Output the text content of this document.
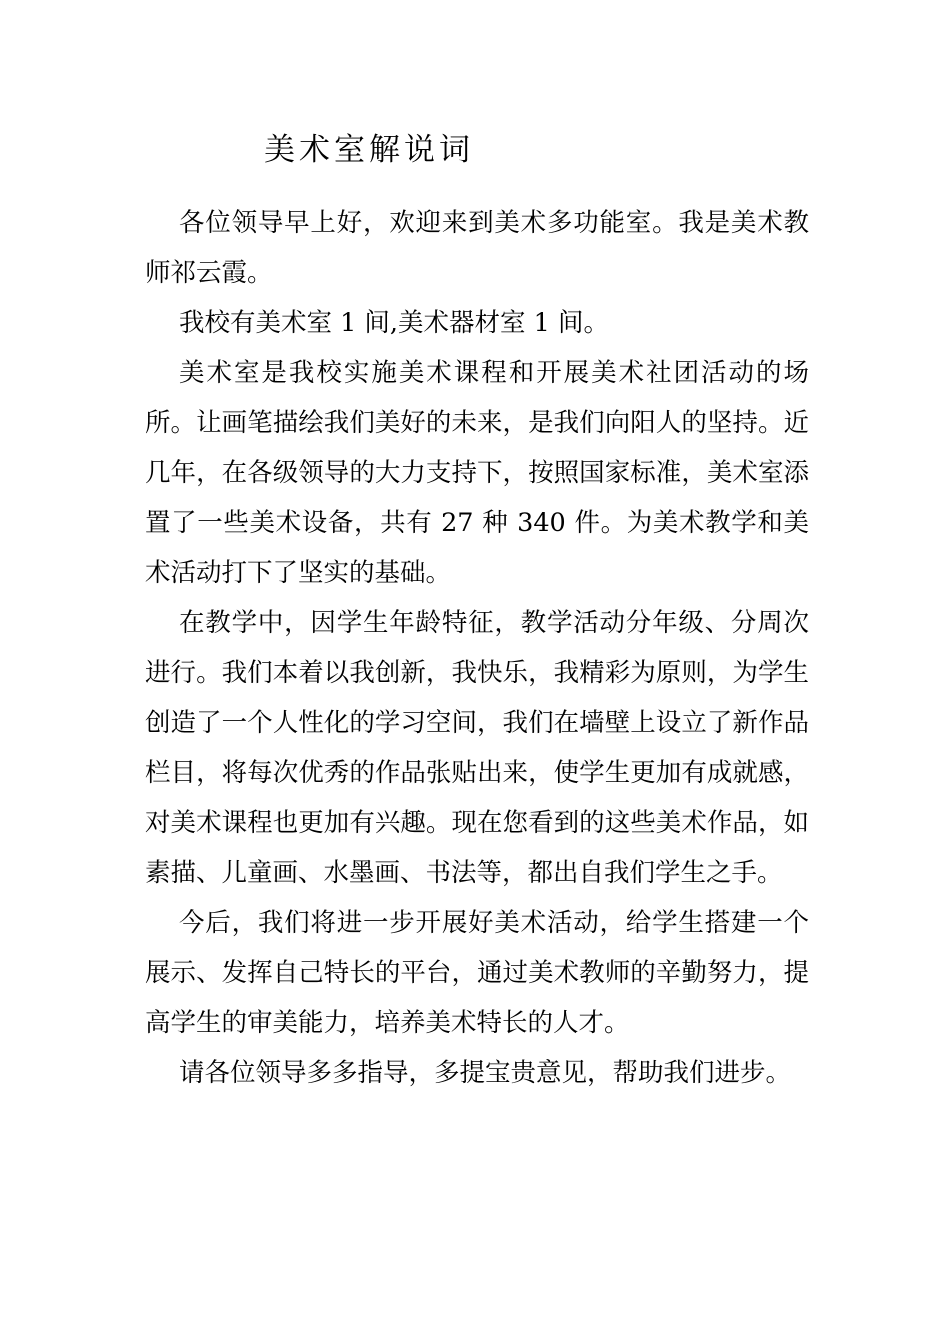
美术室解说词

各位领导早上好，欢迎来到美术多功能室。我是美术教师祁云霞。

我校有美术室 1 间,美术器材室 1 间。

美术室是我校实施美术课程和开展美术社团活动的场所。让画笔描绘我们美好的未来，是我们向阳人的坚持。近几年，在各级领导的大力支持下，按照国家标准，美术室添置了一些美术设备，共有 27 种 340 件。为美术教学和美术活动打下了坚实的基础。

在教学中，因学生年龄特征，教学活动分年级、分周次进行。我们本着以我创新，我快乐，我精彩为原则，为学生创造了一个人性化的学习空间，我们在墙壁上设立了新作品栏目，将每次优秀的作品张贴出来，使学生更加有成就感，对美术课程也更加有兴趣。现在您看到的这些美术作品，如素描、儿童画、水墨画、书法等，都出自我们学生之手。

今后，我们将进一步开展好美术活动，给学生搭建一个展示、发挥自己特长的平台，通过美术教师的辛勤努力，提高学生的审美能力，培养美术特长的人才。

请各位领导多多指导，多提宝贵意见，帮助我们进步。
